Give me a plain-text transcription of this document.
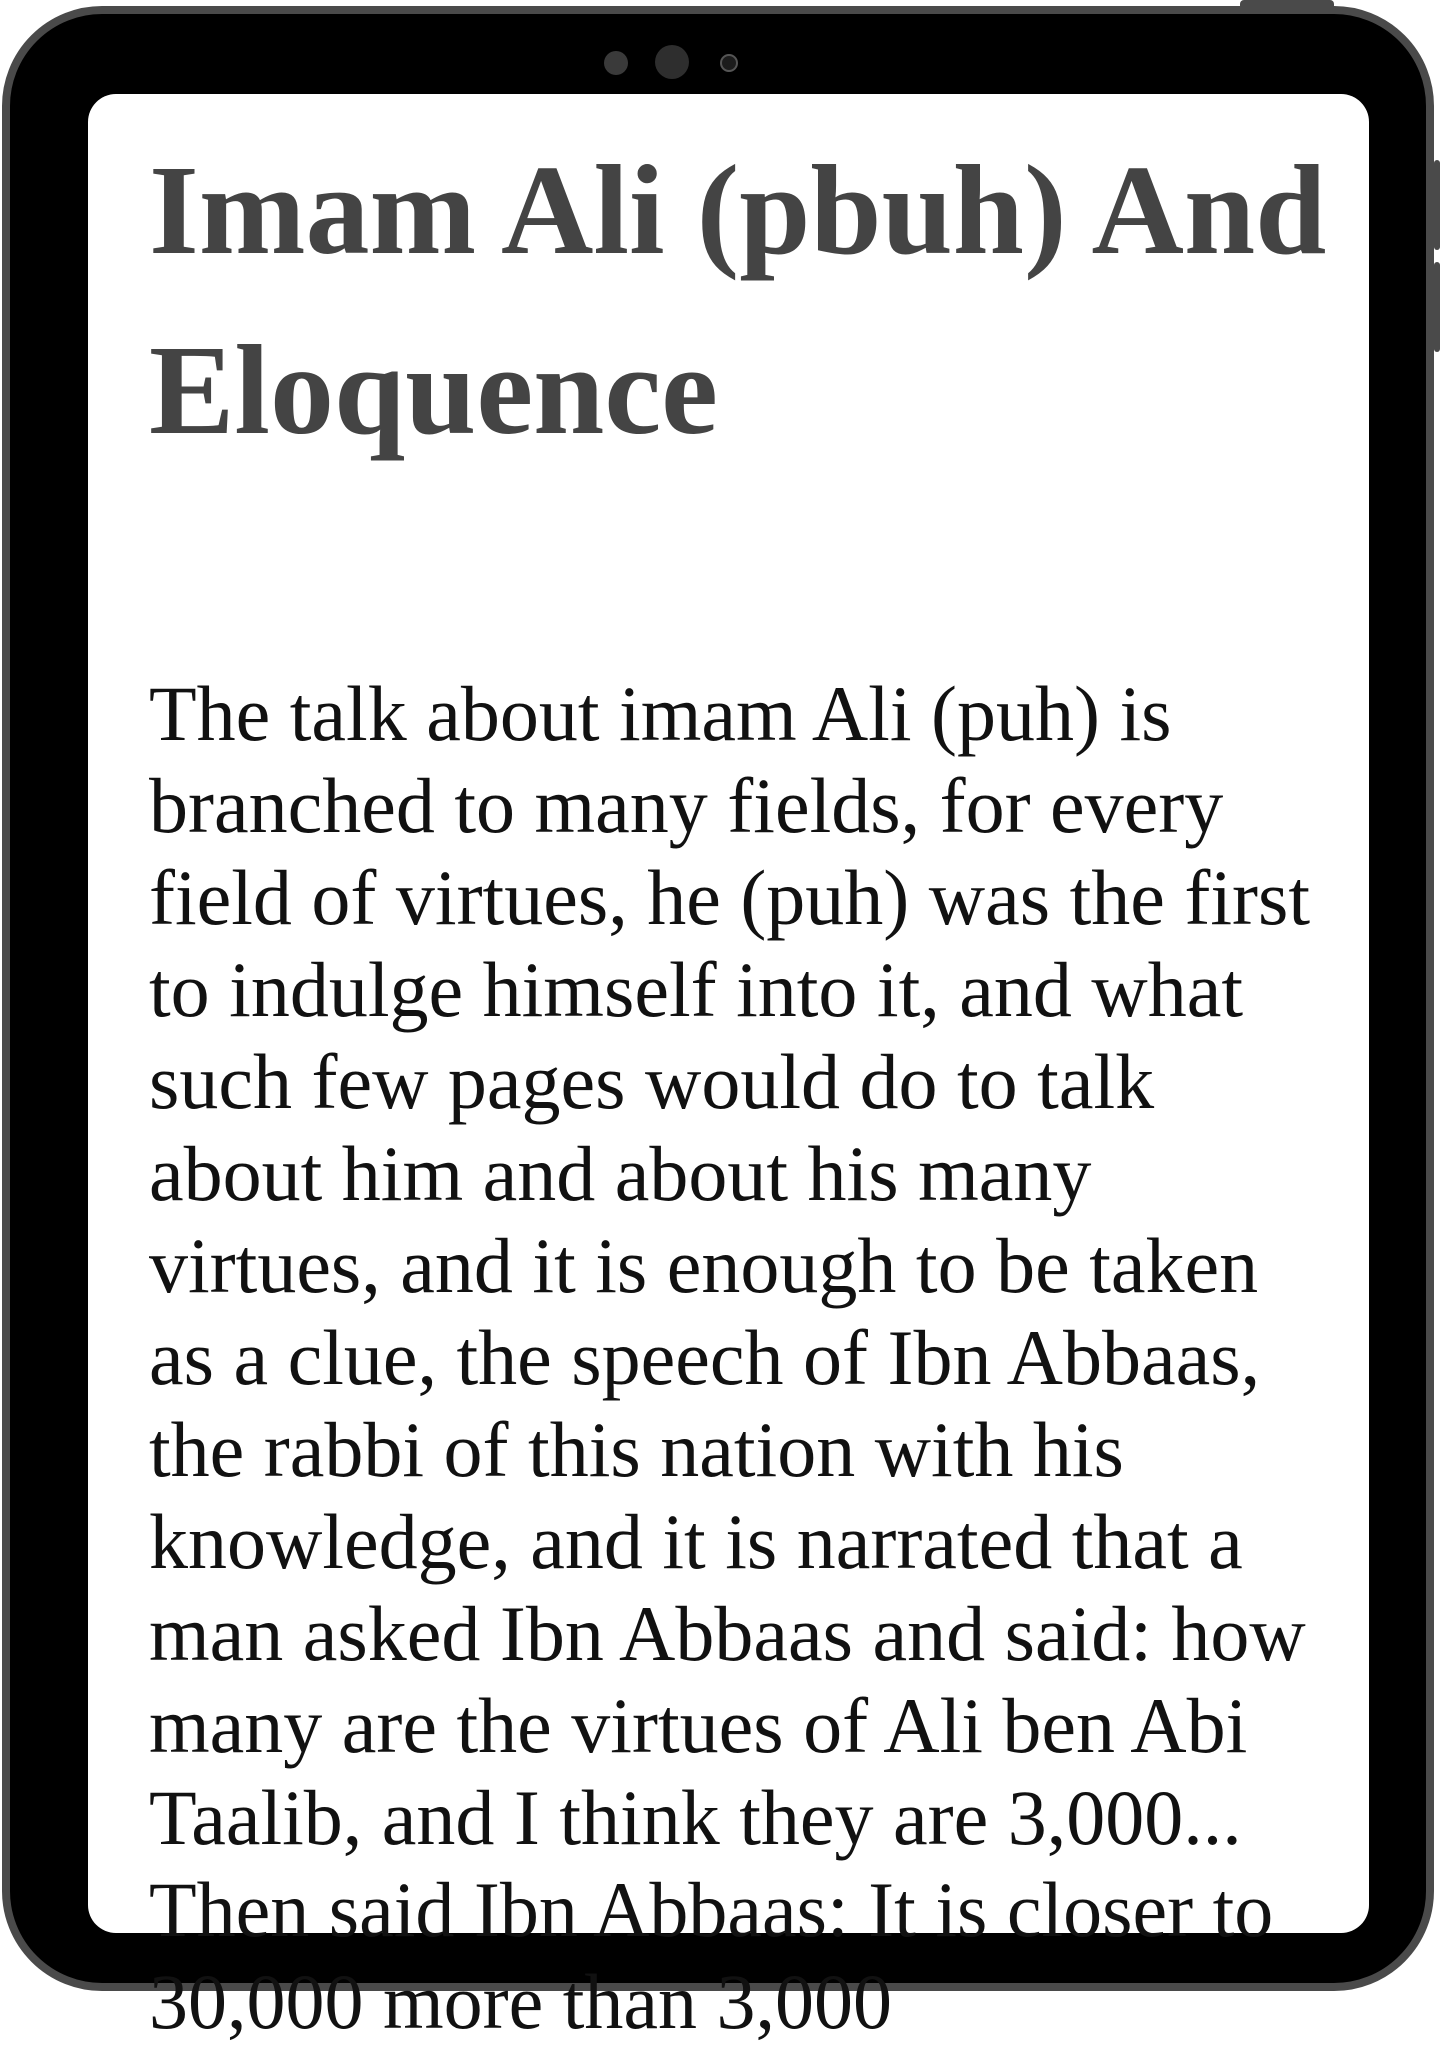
Imam Ali (pbuh) And Eloquence

The talk about imam Ali (puh) is branched to many fields, for every field of virtues, he (puh) was the first to indulge himself into it, and what such few pages would do to talk about him and about his many virtues, and it is enough to be taken as a clue, the speech of Ibn Abbaas, the rabbi of this nation with his knowledge, and it is narrated that a man asked Ibn Abbaas and said: how many are the virtues of Ali ben Abi Taalib, and I think they are 3,000... Then said Ibn Abbaas: It is closer to 30,000 more than 3,000
